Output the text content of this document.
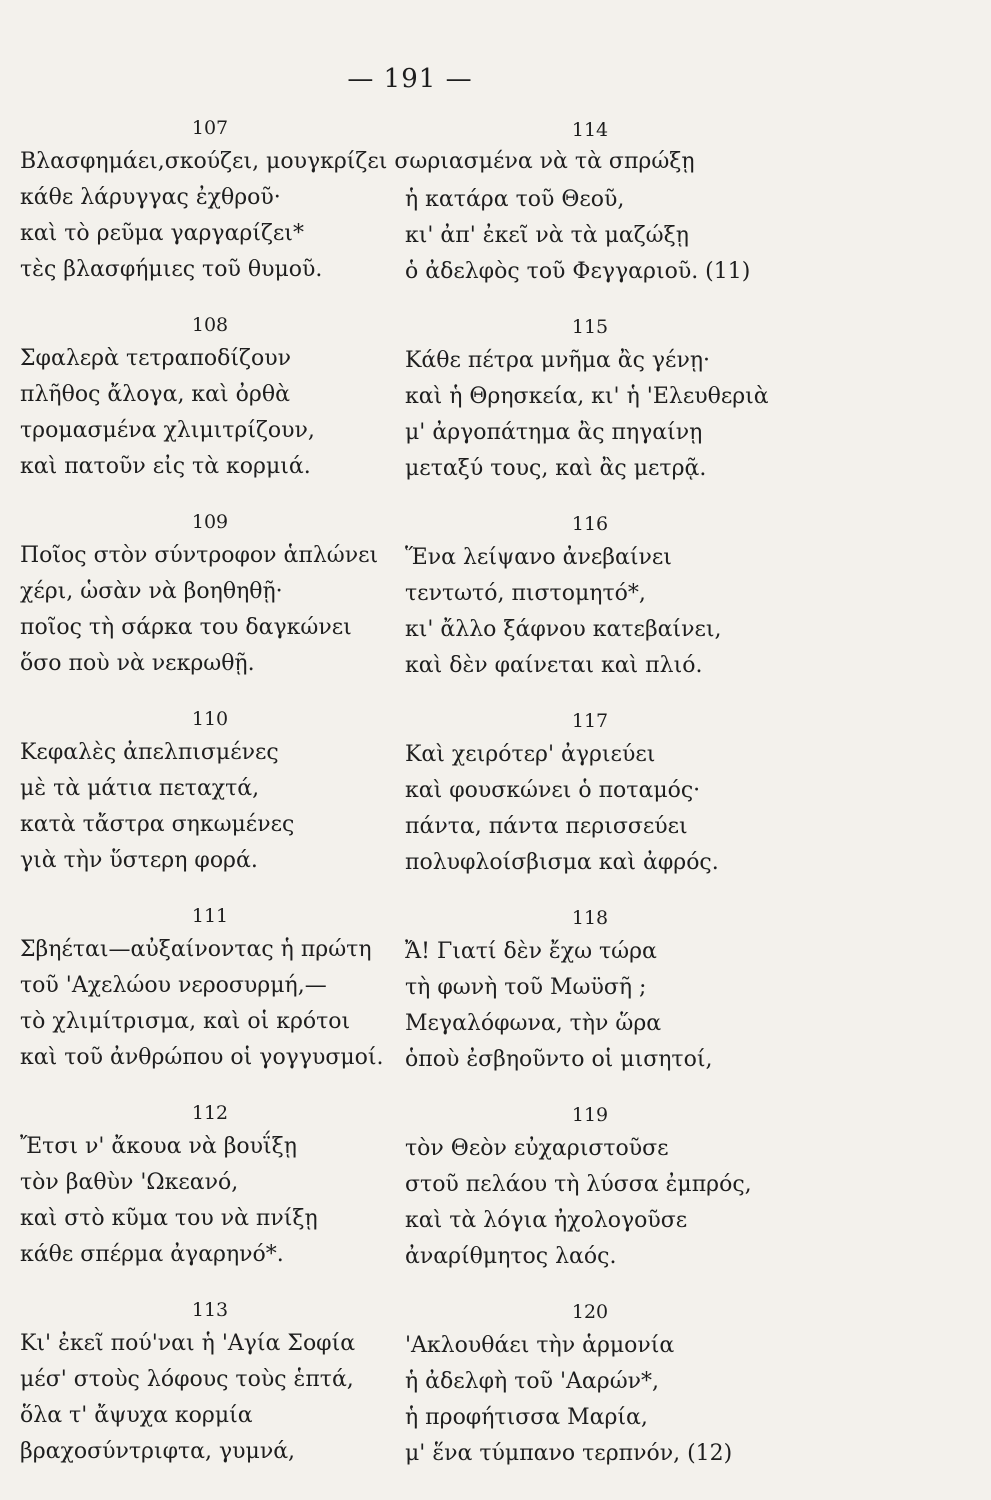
— 191 —
107
Βλασφημάει,σκούζει, μουγκρίζει σωριασμένα νὰ τὰ σπρώξῃ
κάθε λάρυγγας ἐχθροῦ·
καὶ τὸ ρεῦμα γαργαρίζει*
τὲς βλασφήμιες τοῦ θυμοῦ.
108
Σφαλερὰ τετραποδίζουν
πλῆθος ἄλογα, καὶ ὀρθὰ
τρομασμένα χλιμιτρίζουν,
καὶ πατοῦν εἰς τὰ κορμιά.
109
Ποῖος στὸν σύντροφον ἁπλώνει
χέρι, ὡσὰν νὰ βοηθηθῇ·
ποῖος τὴ σάρκα του δαγκώνει
ὅσο ποὺ νὰ νεκρωθῇ.
110
Κεφαλὲς ἀπελπισμένες
μὲ τὰ μάτια πεταχτά,
κατὰ τἄστρα σηκωμένες
γιὰ τὴν ὕστερη φορά.
111
Σβηέται—αὐξαίνοντας ἡ πρώτη
τοῦ 'Αχελώου νεροσυρμή,—
τὸ χλιμίτρισμα, καὶ οἱ κρότοι
καὶ τοῦ ἀνθρώπου οἱ γογγυσμοί.
112
Ἔτσι ν' ἄκουα νὰ βουΐξῃ
τὸν βαθὺν 'Ωκεανό,
καὶ στὸ κῦμα του νὰ πνίξῃ
κάθε σπέρμα ἀγαρηνό*.
113
Κι' ἐκεῖ πού'ναι ἡ 'Αγία Σοφία
μέσ' στοὺς λόφους τοὺς ἑπτά,
ὅλα τ' ἄψυχα κορμία
βραχοσύντριφτα, γυμνά,
114

ἡ κατάρα τοῦ Θεοῦ,
κι' ἀπ' ἐκεῖ νὰ τὰ μαζώξῃ
ὁ ἀδελφὸς τοῦ Φεγγαριοῦ. (11)
115
Κάθε πέτρα μνῆμα ἂς γένῃ·
καὶ ἡ Θρησκεία, κι' ἡ 'Ελευθεριὰ
μ' ἀργοπάτημα ἂς πηγαίνῃ
μεταξύ τους, καὶ ἂς μετρᾷ.
116
Ἕνα λείψανο ἀνεβαίνει
τεντωτό, πιστομητό*,
κι' ἄλλο ξάφνου κατεβαίνει,
καὶ δὲν φαίνεται καὶ πλιό.
117
Καὶ χειρότερ' ἀγριεύει
καὶ φουσκώνει ὁ ποταμός·
πάντα, πάντα περισσεύει
πολυφλοίσβισμα καὶ ἀφρός.
118
Ἄ! Γιατί δὲν ἔχω τώρα
τὴ φωνὴ τοῦ Μωϋσῆ ;
Μεγαλόφωνα, τὴν ὥρα
ὁποὺ ἐσβηοῦντο οἱ μισητοί,
119
τὸν Θεὸν εὐχαριστοῦσε
στοῦ πελάου τὴ λύσσα ἐμπρός,
καὶ τὰ λόγια ἠχολογοῦσε
ἀναρίθμητος λαός.
120
'Ακλουθάει τὴν ἁρμονία
ἡ ἀδελφὴ τοῦ 'Ααρών*,
ἡ προφήτισσα Μαρία,
μ' ἕνα τύμπανο τερπνόν, (12)
